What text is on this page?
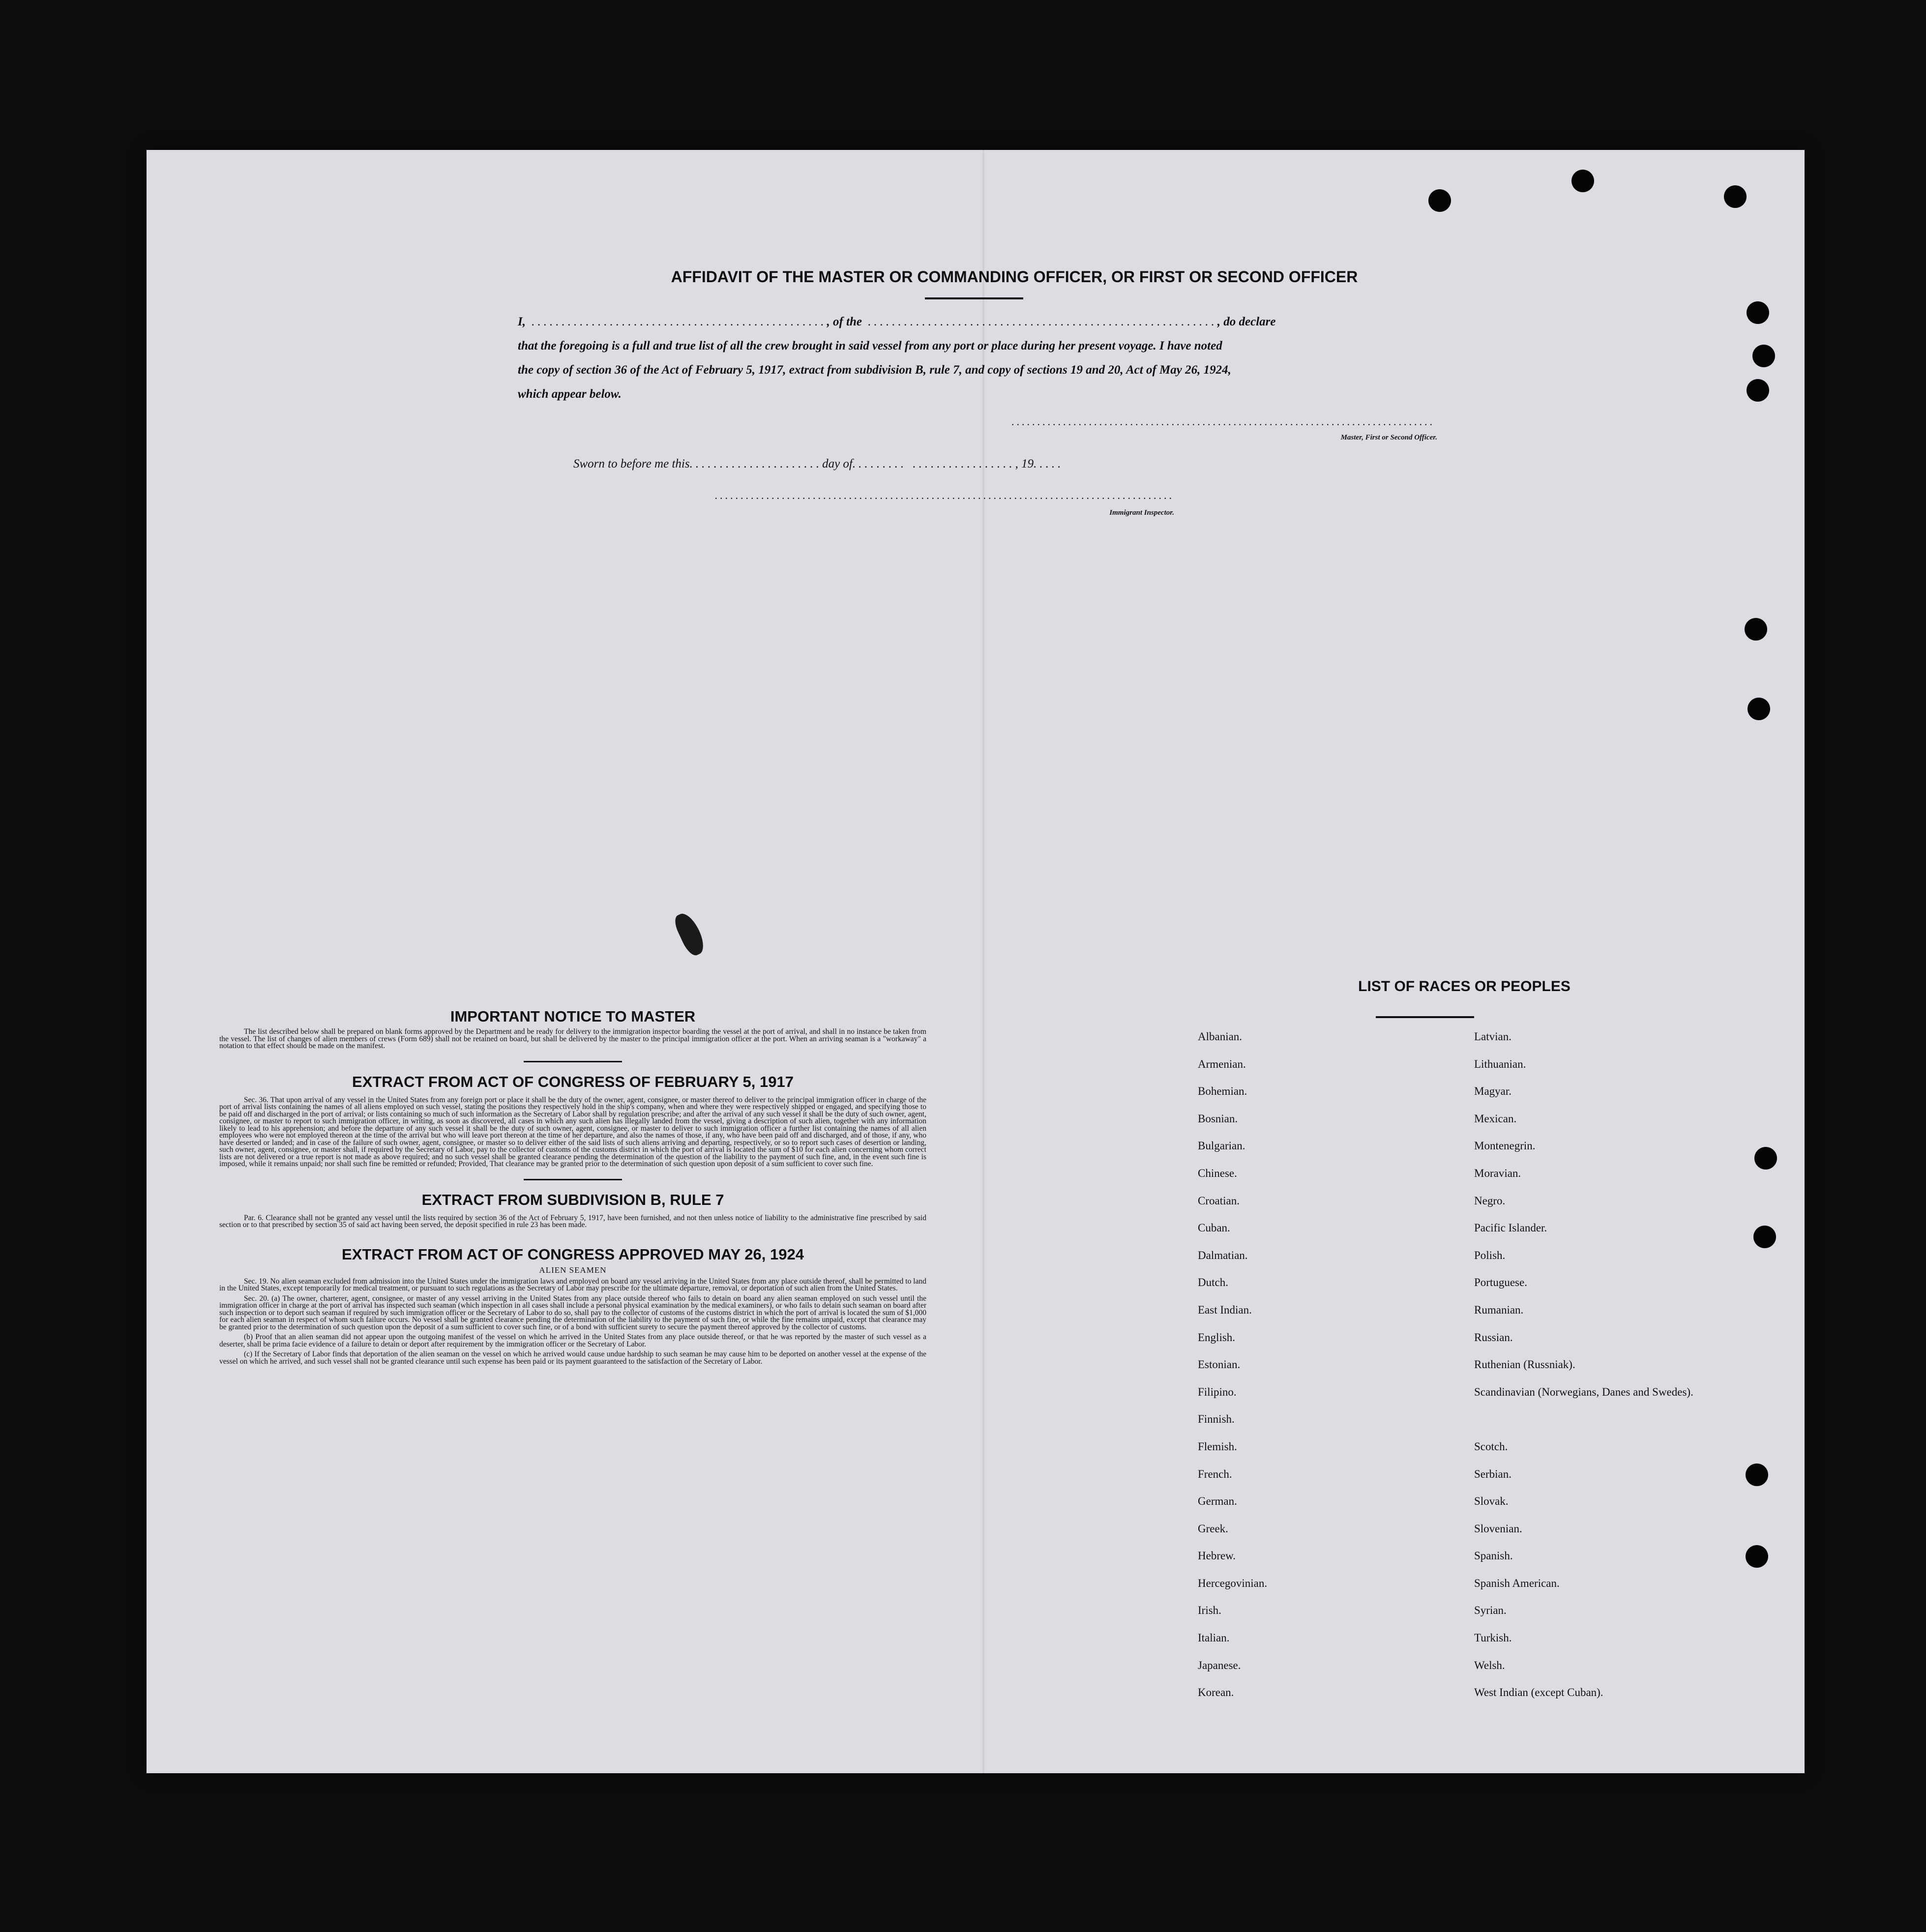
AFFIDAVIT OF THE MASTER OR COMMANDING OFFICER, OR FIRST OR SECOND OFFICER
I, ................................................., of the .........................................................., do declare
that the foregoing is a full and true list of all the crew brought in said vessel from any port or place during her present voyage. I have noted
the copy of section 36 of the Act of February 5, 1917, extract from subdivision B, rule 7, and copy of sections 19 and 20, Act of May 26, 1924,
which appear below.
..................................................................................
Master, First or Second Officer.
Sworn to before me this......................day of......... ................., 19.....
.........................................................................................
Immigrant Inspector.
IMPORTANT NOTICE TO MASTER

The list described below shall be prepared on blank forms approved by the Department and be ready for delivery to the immigration inspector boarding the vessel at the port of arrival, and shall in no instance be taken from the vessel. The list of changes of alien members of crews (Form 689) shall not be retained on board, but shall be delivered by the master to the principal immigration officer at the port. When an arriving seaman is a "workaway" a notation to that effect should be made on the manifest.

EXTRACT FROM ACT OF CONGRESS OF FEBRUARY 5, 1917

Sec. 36. That upon arrival of any vessel in the United States from any foreign port or place it shall be the duty of the owner, agent, consignee, or master thereof to deliver to the principal immigration officer in charge of the port of arrival lists containing the names of all aliens employed on such vessel, stating the positions they respectively hold in the ship's company, when and where they were respectively shipped or engaged, and specifying those to be paid off and discharged in the port of arrival; or lists containing so much of such information as the Secretary of Labor shall by regulation prescribe; and after the arrival of any such vessel it shall be the duty of such owner, agent, consignee, or master to report to such immigration officer, in writing, as soon as discovered, all cases in which any such alien has illegally landed from the vessel, giving a description of such alien, together with any information likely to lead to his apprehension; and before the departure of any such vessel it shall be the duty of such owner, agent, consignee, or master to deliver to such immigration officer a further list containing the names of all alien employees who were not employed thereon at the time of the arrival but who will leave port thereon at the time of her departure, and also the names of those, if any, who have been paid off and discharged, and of those, if any, who have deserted or landed; and in case of the failure of such owner, agent, consignee, or master so to deliver either of the said lists of such aliens arriving and departing, respectively, or so to report such cases of desertion or landing, such owner, agent, consignee, or master shall, if required by the Secretary of Labor, pay to the collector of customs of the customs district in which the port of arrival is located the sum of $10 for each alien concerning whom correct lists are not delivered or a true report is not made as above required; and no such vessel shall be granted clearance pending the determination of the question of the liability to the payment of such fine, and, in the event such fine is imposed, while it remains unpaid; nor shall such fine be remitted or refunded; Provided, That clearance may be granted prior to the determination of such question upon deposit of a sum sufficient to cover such fine.

EXTRACT FROM SUBDIVISION B, RULE 7

Par. 6. Clearance shall not be granted any vessel until the lists required by section 36 of the Act of February 5, 1917, have been furnished, and not then unless notice of liability to the administrative fine prescribed by said section or to that prescribed by section 35 of said act having been served, the deposit specified in rule 23 has been made.

EXTRACT FROM ACT OF CONGRESS APPROVED MAY 26, 1924
ALIEN SEAMEN

Sec. 19. No alien seaman excluded from admission into the United States under the immigration laws and employed on board any vessel arriving in the United States from any place outside thereof, shall be permitted to land in the United States, except temporarily for medical treatment, or pursuant to such regulations as the Secretary of Labor may prescribe for the ultimate departure, removal, or deportation of such alien from the United States.

Sec. 20. (a) The owner, charterer, agent, consignee, or master of any vessel arriving in the United States from any place outside thereof who fails to detain on board any alien seaman employed on such vessel until the immigration officer in charge at the port of arrival has inspected such seaman (which inspection in all cases shall include a personal physical examination by the medical examiners), or who fails to detain such seaman on board after such inspection or to deport such seaman if required by such immigration officer or the Secretary of Labor to do so, shall pay to the collector of customs of the customs district in which the port of arrival is located the sum of $1,000 for each alien seaman in respect of whom such failure occurs. No vessel shall be granted clearance pending the determination of the liability to the payment of such fine, or while the fine remains unpaid, except that clearance may be granted prior to the determination of such question upon the deposit of a sum sufficient to cover such fine, or of a bond with sufficient surety to secure the payment thereof approved by the collector of customs.

(b) Proof that an alien seaman did not appear upon the outgoing manifest of the vessel on which he arrived in the United States from any place outside thereof, or that he was reported by the master of such vessel as a deserter, shall be prima facie evidence of a failure to detain or deport after requirement by the immigration officer or the Secretary of Labor.

(c) If the Secretary of Labor finds that deportation of the alien seaman on the vessel on which he arrived would cause undue hardship to such seaman he may cause him to be deported on another vessel at the expense of the vessel on which he arrived, and such vessel shall not be granted clearance until such expense has been paid or its payment guaranteed to the satisfaction of the Secretary of Labor.

LIST OF RACES OR PEOPLES
Albanian.
Armenian.
Bohemian.
Bosnian.
Bulgarian.
Chinese.
Croatian.
Cuban.
Dalmatian.
Dutch.
East Indian.
English.
Estonian.
Filipino.
Finnish.
Flemish.
French.
German.
Greek.
Hebrew.
Hercegovinian.
Irish.
Italian.
Japanese.
Korean.
Latvian.
Lithuanian.
Magyar.
Mexican.
Montenegrin.
Moravian.
Negro.
Pacific Islander.
Polish.
Portuguese.
Rumanian.
Russian.
Ruthenian (Russniak).
Scandinavian (Norwegians, Danes and Swedes).
Scotch.
Serbian.
Slovak.
Slovenian.
Spanish.
Spanish American.
Syrian.
Turkish.
Welsh.
West Indian (except Cuban).
